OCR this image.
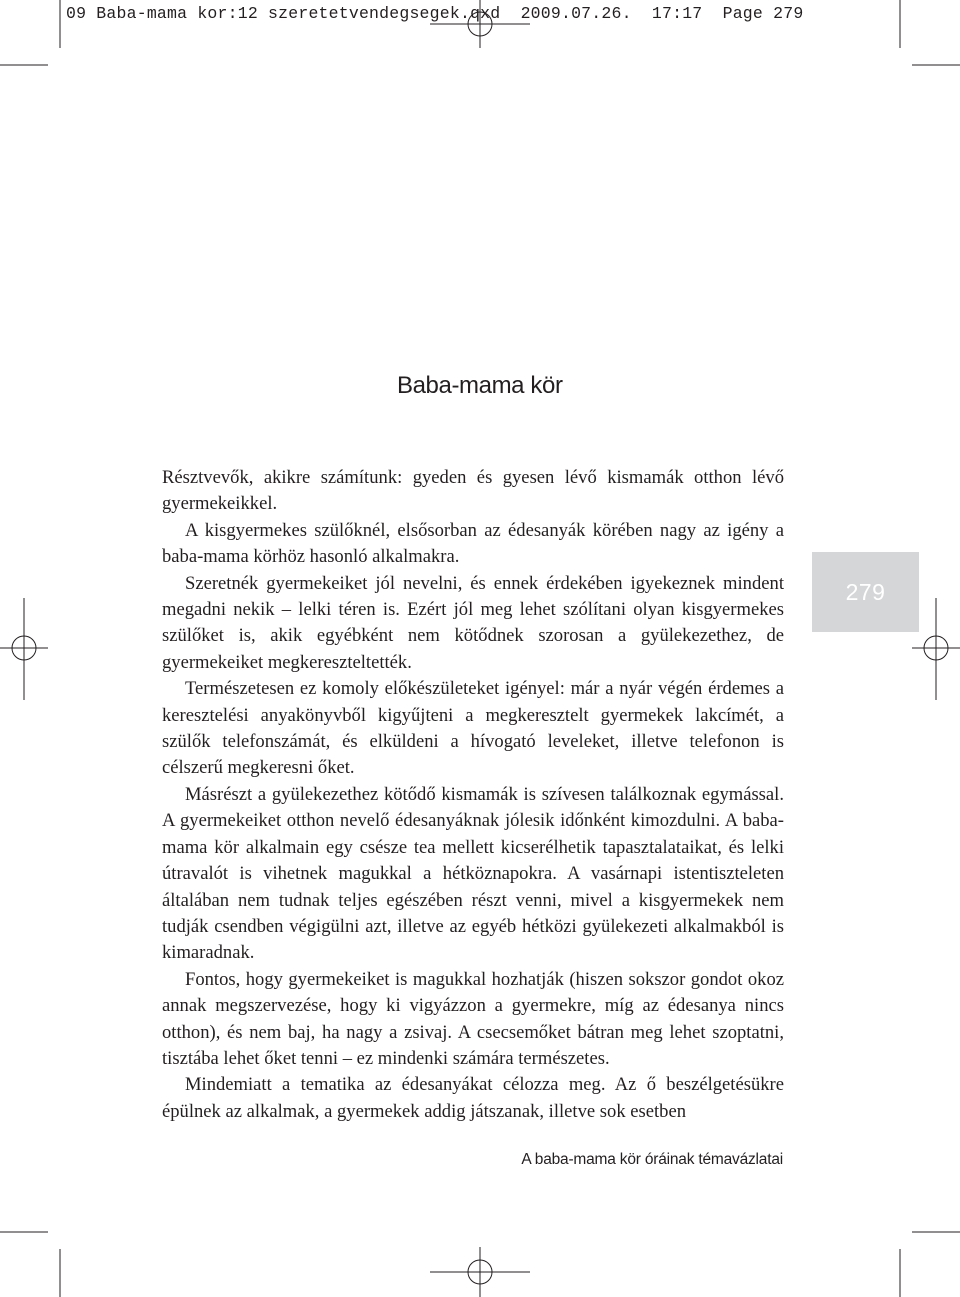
09 Baba-mama kor:12 szeretetvendegsegek.qxd  2009.07.26.  17:17  Page 279
Baba-mama kör
279

Résztvevők, akikre számítunk: gyeden és gyesen lévő kismamák otthon lévő gyermekeikkel.

A kisgyermekes szülőknél, elsősorban az édesanyák körében nagy az igény a baba-mama körhöz hasonló alkalmakra.

Szeretnék gyermekeiket jól nevelni, és ennek érdekében igyekeznek mindent megadni nekik – lelki téren is. Ezért jól meg lehet szólítani olyan kisgyermekes szülőket is, akik egyébként nem kötődnek szorosan a gyülekezethez, de gyermekeiket megkereszteltették.

Természetesen ez komoly előkészületeket igényel: már a nyár végén érdemes a keresztelési anyakönyvből kigyűjteni a megkeresztelt gyermekek lakcímét, a szülők telefonszámát, és elküldeni a hívogató leveleket, illetve telefonon is célszerű megkeresni őket.

Másrészt a gyülekezethez kötődő kismamák is szívesen találkoznak egymással. A gyermekeiket otthon nevelő édesanyáknak jólesik időnként kimozdulni. A baba-mama kör alkalmain egy csésze tea mellett kicserélhetik tapasztalataikat, és lelki útravalót is vihetnek magukkal a hétköznapokra. A vasárnapi istentiszteleten általában nem tudnak teljes egészében részt venni, mivel a kisgyermekek nem tudják csendben végigülni azt, illetve az egyéb hétközi gyülekezeti alkalmakból is kimaradnak.

Fontos, hogy gyermekeiket is magukkal hozhatják (hiszen sokszor gondot okoz annak megszervezése, hogy ki vigyázzon a gyermekre, míg az édesanya nincs otthon), és nem baj, ha nagy a zsivaj. A csecsemőket bátran meg lehet szoptatni, tisztába lehet őket tenni – ez mindenki számára természetes.

Mindemiatt a tematika az édesanyákat célozza meg. Az ő beszélgetésükre épülnek az alkalmak, a gyermekek addig játszanak, illetve sok esetben

A baba-mama kör óráinak témavázlatai
